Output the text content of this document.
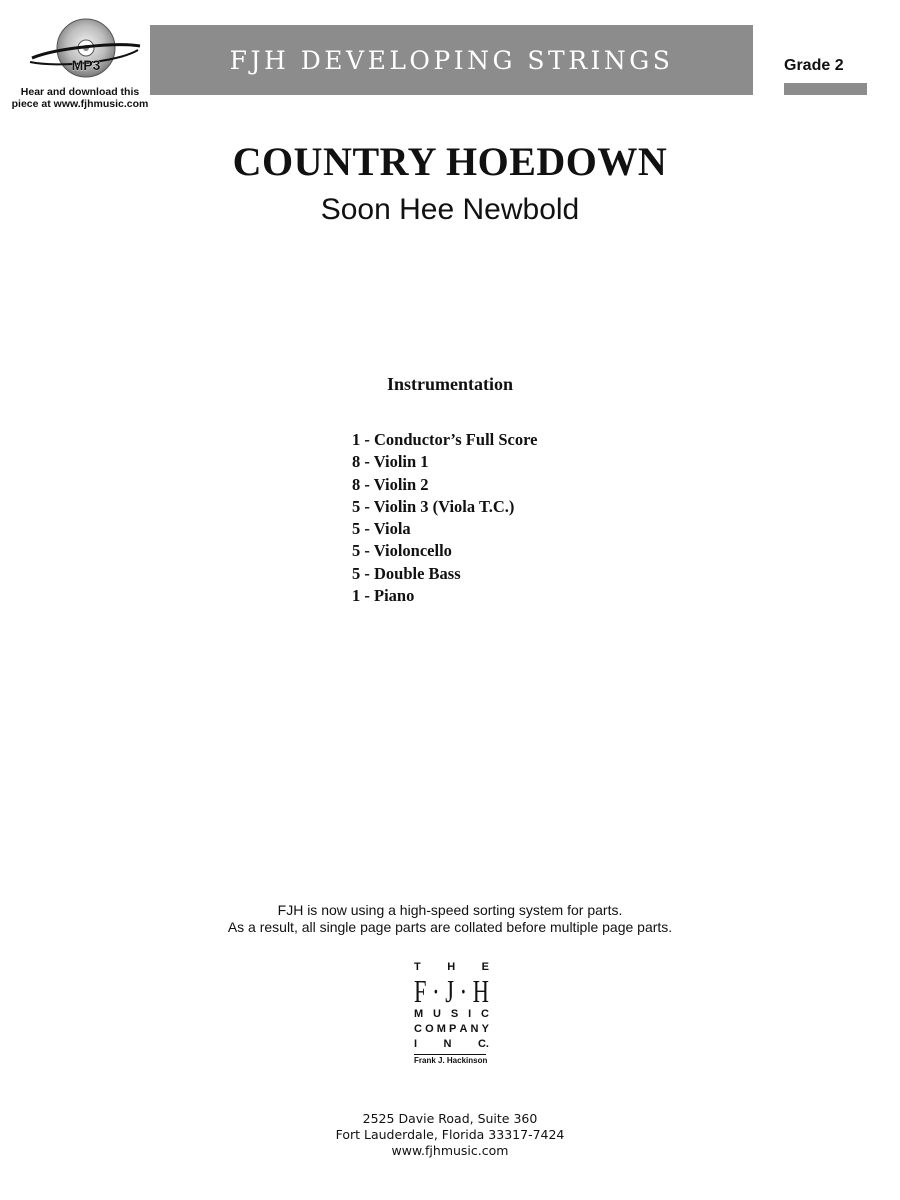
MP3
Hear and download this
piece at www.fjhmusic.com
FJH DEVELOPING STRINGS	Grade 2
COUNTRY HOEDOWN
Soon Hee Newbold
Instrumentation
1 - Conductor’s Full Score
8 - Violin 1
8 - Violin 2
5 - Violin 3 (Viola T.C.)
5 - Viola
5 - Violoncello
5 - Double Bass
1 - Piano
FJH is now using a high-speed sorting system for parts.
As a result, all single page parts are collated before multiple page parts.
T H E
F · J · H
M U S I C
C O M P A N Y
I N C.
Frank J. Hackinson
2525 Davie Road, Suite 360
Fort Lauderdale, Florida 33317-7424
www.fjhmusic.com
